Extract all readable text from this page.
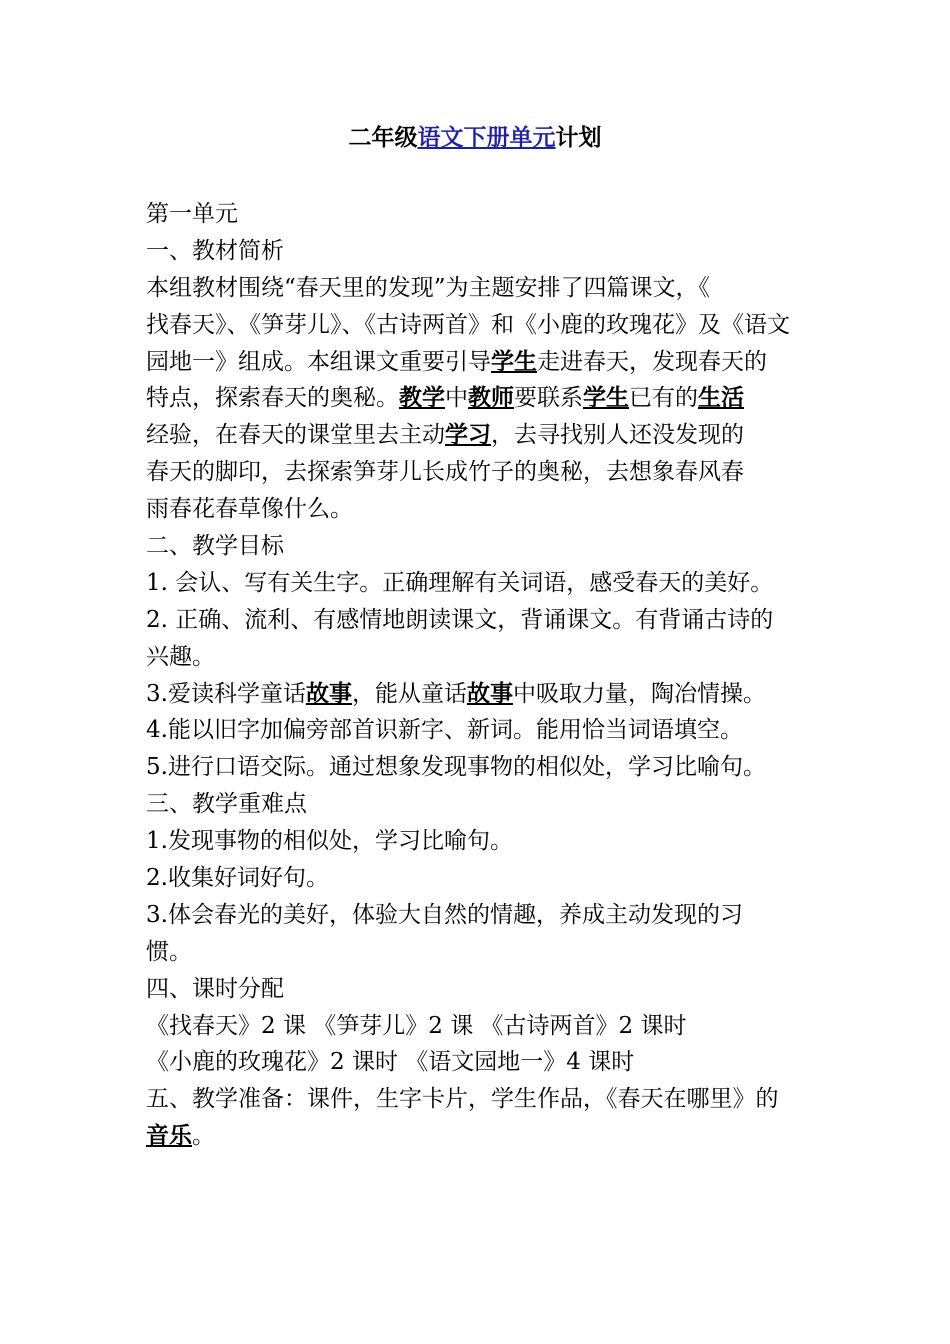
二年级语文下册单元计划
第一单元
一、教材简析
本组教材围绕“春天里的发现”为主题安排了四篇课文，《
找春天》、《笋芽儿》、《古诗两首》和《小鹿的玫瑰花》及《语文
园地一》组成。本组课文重要引导学生走进春天，发现春天的
特点，探索春天的奥秘。教学中教师要联系学生已有的生活
经验，在春天的课堂里去主动学习，去寻找别人还没发现的
春天的脚印，去探索笋芽儿长成竹子的奥秘，去想象春风春
雨春花春草像什么。
二、教学目标
1. 会认、写有关生字。正确理解有关词语，感受春天的美好。
2. 正确、流利、有感情地朗读课文，背诵课文。有背诵古诗的
兴趣。
3.爱读科学童话故事，能从童话故事中吸取力量，陶冶情操。
4.能以旧字加偏旁部首识新字、新词。能用恰当词语填空。
5.进行口语交际。通过想象发现事物的相似处，学习比喻句。
三、教学重难点
1.发现事物的相似处，学习比喻句。
2.收集好词好句。
3.体会春光的美好，体验大自然的情趣，养成主动发现的习
惯。
四、课时分配
《找春天》2 课 《笋芽儿》2 课 《古诗两首》2 课时
《小鹿的玫瑰花》2 课时 《语文园地一》4 课时
五、教学准备：课件，生字卡片，学生作品，《春天在哪里》的
音乐。
